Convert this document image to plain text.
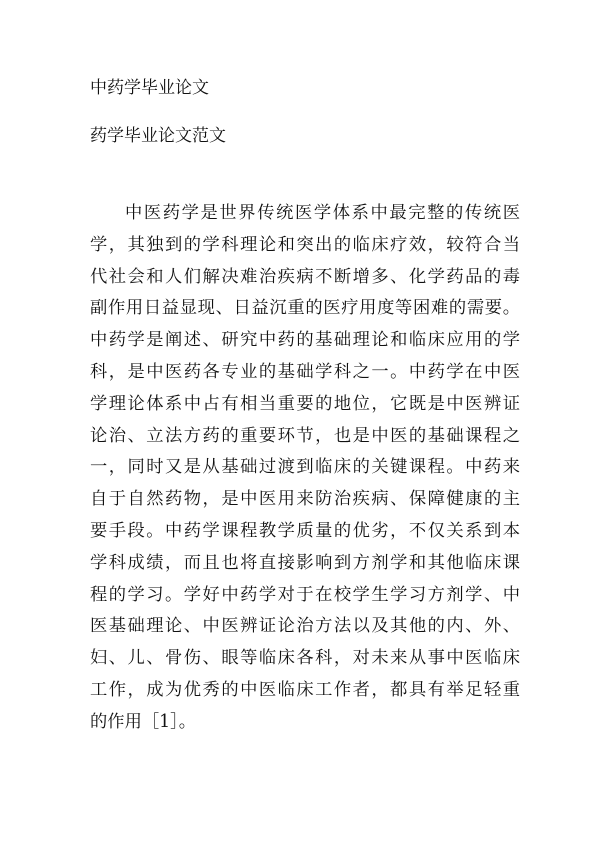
中药学毕业论文
药学毕业论文范文
中医药学是世界传统医学体系中最完整的传统医
学，其独到的学科理论和突出的临床疗效，较符合当
代社会和人们解决难治疾病不断增多、化学药品的毒
副作用日益显现、日益沉重的医疗用度等困难的需要。
中药学是阐述、研究中药的基础理论和临床应用的学
科，是中医药各专业的基础学科之一。中药学在中医
学理论体系中占有相当重要的地位，它既是中医辨证
论治、立法方药的重要环节，也是中医的基础课程之
一，同时又是从基础过渡到临床的关键课程。中药来
自于自然药物，是中医用来防治疾病、保障健康的主
要手段。中药学课程教学质量的优劣，不仅关系到本
学科成绩，而且也将直接影响到方剂学和其他临床课
程的学习。学好中药学对于在校学生学习方剂学、中
医基础理论、中医辨证论治方法以及其他的内、外、
妇、儿、骨伤、眼等临床各科，对未来从事中医临床
工作，成为优秀的中医临床工作者，都具有举足轻重
的作用［1］。
